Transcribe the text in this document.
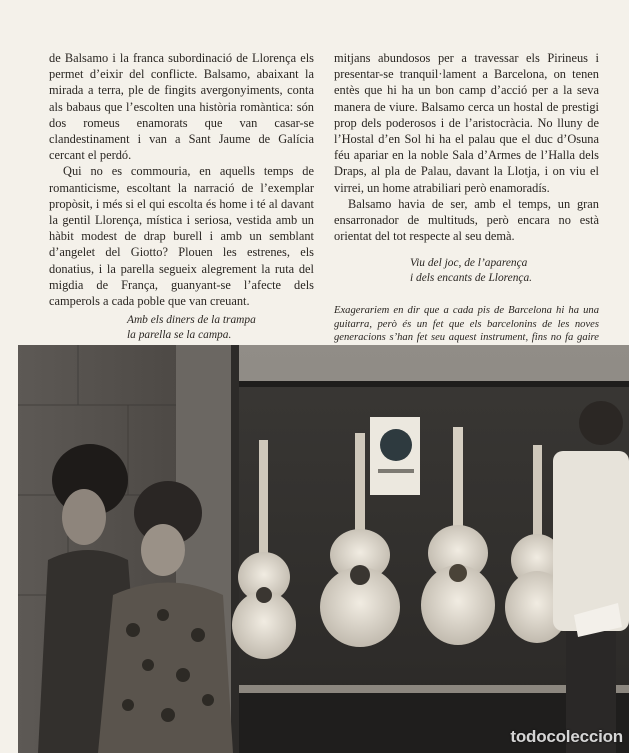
de Balsamo i la franca subordinació de Llorença els permet d’eixir del conflicte. Balsamo, abaixant la mirada a terra, ple de fingits avergonyiments, conta als babaus que l’escolten una història romàntica: són dos romeus enamorats que van casar-se clandestinament i van a Sant Jaume de Galícia cercant el perdó.

Qui no es commouria, en aquells temps de romanticisme, escoltant la narració de l’exemplar propòsit, i més si el qui escolta és home i té al davant la gentil Llorença, mística i seriosa, vestida amb un hàbit modest de drap burell i amb un semblant d’angelet del Giotto? Plouen les estrenes, els donatius, i la parella segueix alegrement la ruta del migdia de França, guanyant-se l’afecte dels camperols a cada poble que van creuant.

Amb els diners de la trampa
la parella se la campa.

mitjans abundosos per a travessar els Pirineus i presentar-se tranquil·lament a Barcelona, on tenen entès que hi ha un bon camp d’acció per a la seva manera de viure. Balsamo cerca un hostal de prestigi prop dels poderosos i de l’aristocràcia. No lluny de l’Hostal d’en Sol hi ha el palau que el duc d’Osuna féu apariar en la noble Sala d’Armes de l’Halla dels Draps, al pla de Palau, davant la Llotja, i on viu el virrei, un home atrabiliari però enamoradís.

Balsamo havia de ser, amb el temps, un gran ensarronador de multituds, però encara no està orientat del tot respecte al seu demà.

Viu del joc, de l’aparença
i dels encants de Llorença.

Exagerariem en dir que a cada pis de Barcelona hi ha una guitarra, però és un fet que els barcelonins de les noves generacions s’han fet seu aquest instrument, fins no fa gaire

todocoleccion
